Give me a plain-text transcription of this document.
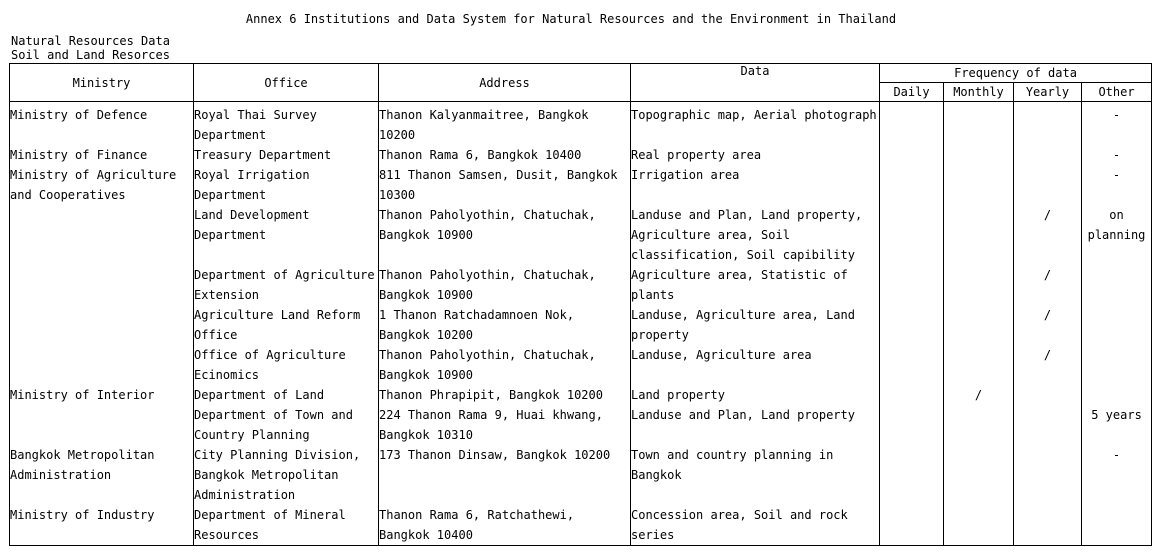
Annex 6 Institutions and Data System for Natural Resources and the Environment in Thailand
Natural Resources Data
Soil and Land Resorces
Ministry	Office	Address	Data	Frequency of data			
				Daily	Monthly	Yearly	Other
Ministry of Defence	Royal Thai Survey Department	Thanon Kalyanmaitree, Bangkok 10200	Topographic map, Aerial photograph				-
Ministry of Finance	Treasury Department	Thanon Rama 6, Bangkok 10400	Real property area				-
Ministry of Agriculture and Cooperatives	Royal Irrigation Department	811 Thanon Samsen, Dusit, Bangkok 10300	Irrigation area				-
	Land Development Department	Thanon Paholyothin, Chatuchak, Bangkok 10900	Landuse and Plan, Land property, Agriculture area, Soil classification, Soil capibility			/	on planning
	Department of Agriculture Extension	Thanon Paholyothin, Chatuchak, Bangkok 10900	Agriculture area, Statistic of plants			/	
	Agriculture Land Reform Office	1 Thanon Ratchadamnoen Nok, Bangkok 10200	Landuse, Agriculture area, Land property			/	
	Office of Agriculture Ecinomics	Thanon Paholyothin, Chatuchak, Bangkok 10900	Landuse, Agriculture area			/	
Ministry of Interior	Department of Land	Thanon Phrapipit, Bangkok 10200	Land property		/		
	Department of Town and Country Planning	224 Thanon Rama 9, Huai khwang, Bangkok 10310	Landuse and Plan, Land property				5 years
Bangkok Metropolitan Administration	City Planning Division, Bangkok Metropolitan Administration	173 Thanon Dinsaw, Bangkok 10200	Town and country planning in Bangkok				-
Ministry of Industry	Department of Mineral Resources	Thanon Rama 6, Ratchathewi, Bangkok 10400	Concession area, Soil and rock series				
